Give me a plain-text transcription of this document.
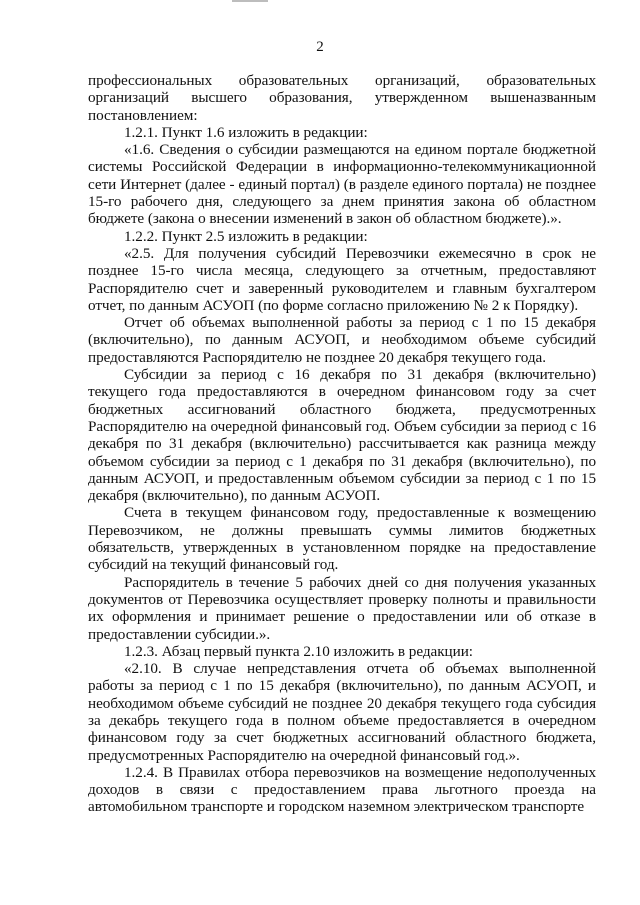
2

профессиональных образовательных организаций, образовательных организаций высшего образования, утвержденном вышеназванным постановлением:

1.2.1. Пункт 1.6 изложить в редакции:

«1.6. Сведения о субсидии размещаются на едином портале бюджетной системы Российской Федерации в информационно-телекоммуникационной сети Интернет (далее - единый портал) (в разделе единого портала) не позднее 15-го рабочего дня, следующего за днем принятия закона об областном бюджете (закона о внесении изменений в закон об областном бюджете).».

1.2.2. Пункт 2.5 изложить в редакции:

«2.5. Для получения субсидий Перевозчики ежемесячно в срок не позднее 15-го числа месяца, следующего за отчетным, предоставляют Распорядителю счет и заверенный руководителем и главным бухгалтером отчет, по данным АСУОП (по форме согласно приложению № 2 к Порядку).

Отчет об объемах выполненной работы за период с 1 по 15 декабря (включительно), по данным АСУОП, и необходимом объеме субсидий предоставляются Распорядителю не позднее 20 декабря текущего года.

Субсидии за период с 16 декабря по 31 декабря (включительно) текущего года предоставляются в очередном финансовом году за счет бюджетных ассигнований областного бюджета, предусмотренных Распорядителю на очередной финансовый год. Объем субсидии за период с 16 декабря по 31 декабря (включительно) рассчитывается как разница между объемом субсидии за период с 1 декабря по 31 декабря (включительно), по данным АСУОП, и предоставленным объемом субсидии за период с 1 по 15 декабря (включительно), по данным АСУОП.

Счета в текущем финансовом году, предоставленные к возмещению Перевозчиком, не должны превышать суммы лимитов бюджетных обязательств, утвержденных в установленном порядке на предоставление субсидий на текущий финансовый год.

Распорядитель в течение 5 рабочих дней со дня получения указанных документов от Перевозчика осуществляет проверку полноты и правильности их оформления и принимает решение о предоставлении или об отказе в предоставлении субсидии.».

1.2.3. Абзац первый пункта 2.10 изложить в редакции:

«2.10. В случае непредставления отчета об объемах выполненной работы за период с 1 по 15 декабря (включительно), по данным АСУОП, и необходимом объеме субсидий не позднее 20 декабря текущего года субсидия за декабрь текущего года в полном объеме предоставляется в очередном финансовом году за счет бюджетных ассигнований областного бюджета, предусмотренных Распорядителю на очередной финансовый год.».

1.2.4. В Правилах отбора перевозчиков на возмещение недополученных доходов в связи с предоставлением права льготного проезда на автомобильном транспорте и городском наземном электрическом транспорте
